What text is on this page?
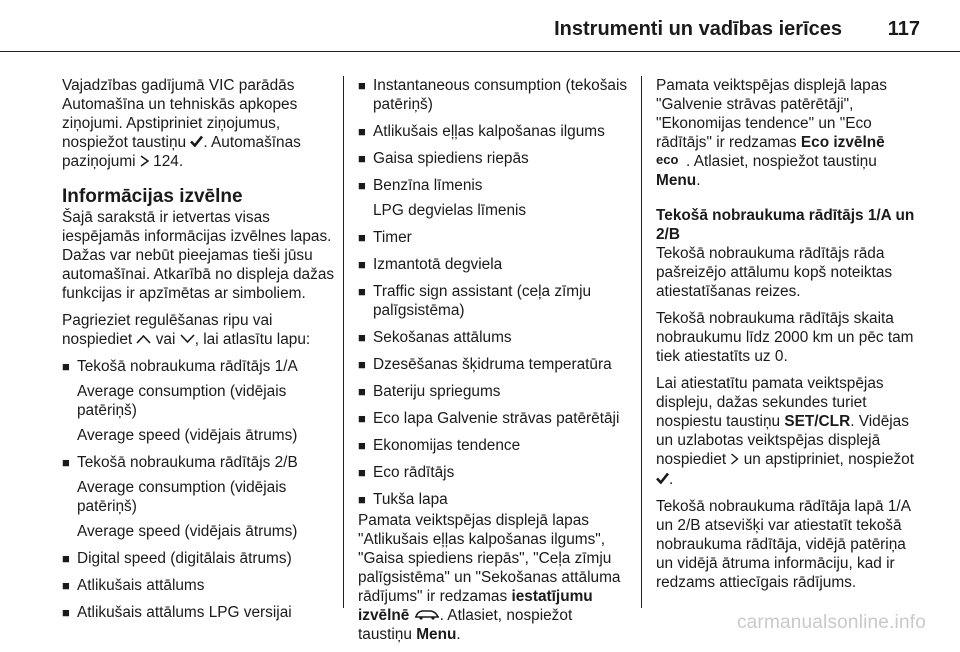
Instrumenti un vadības ierīces 117

Vajadzības gadījumā VIC parādās Automašīna un tehniskās apkopes ziņojumi. Apstipriniet ziņojumus, nospiežot taustiņu . Automašīnas paziņojumi  124.

Informācijas izvēlne

Šajā sarakstā ir ietvertas visas iespējamās informācijas izvēlnes lapas. Dažas var nebūt pieejamas tieši jūsu automašīnai. Atkarībā no displeja dažas funkcijas ir apzīmētas ar simboliem.

Pagrieziet regulēšanas ripu vai nospiediet  vai , lai atlasītu lapu:

■ Tekošā nobraukuma rādītājs 1/A
Average consumption (vidējais patēriņš)
Average speed (vidējais ātrums)
■ Tekošā nobraukuma rādītājs 2/B
Average consumption (vidējais patēriņš)
Average speed (vidējais ātrums)
■ Digital speed (digitālais ātrums)
■ Atlikušais attālums
■ Atlikušais attālums LPG versijai
■ Instantaneous consumption (tekošais patēriņš)
■ Atlikušais eļļas kalpošanas ilgums
■ Gaisa spiediens riepās
■ Benzīna līmenis
LPG degvielas līmenis
■ Timer
■ Izmantotā degviela
■ Traffic sign assistant (ceļa zīmju palīgsistēma)
■ Sekošanas attālums
■ Dzesēšanas šķidruma temperatūra
■ Bateriju spriegums
■ Eco lapa Galvenie strāvas patērētāji
■ Ekonomijas tendence
■ Eco rādītājs
■ Tukša lapa

Pamata veiktspējas displejā lapas "Atlikušais eļļas kalpošanas ilgums", "Gaisa spiediens riepās", "Ceļa zīmju palīgsistēma" un "Sekošanas attāluma rādījums" ir redzamas iestatījumu izvēlnē . Atlasiet, nospiežot taustiņu Menu.

Pamata veiktspējas displejā lapas "Galvenie strāvas patērētāji", "Ekonomijas tendence" un "Eco rādītājs" ir redzamas Eco izvēlnē

eco . Atlasiet, nospiežot taustiņu Menu.

Tekošā nobraukuma rādītājs 1/A un 2/B

Tekošā nobraukuma rādītājs rāda pašreizējo attālumu kopš noteiktas atiestatīšanas reizes.

Tekošā nobraukuma rādītājs skaita nobraukumu līdz 2000 km un pēc tam tiek atiestatīts uz 0.

Lai atiestatītu pamata veiktspējas displeju, dažas sekundes turiet nospiestu taustiņu SET/CLR. Vidējas un uzlabotas veiktspējas displejā nospiediet  un apstipriniet, nospiežot .

Tekošā nobraukuma rādītāja lapā 1/A un 2/B atsevišķi var atiestatīt tekošā nobraukuma rādītāja, vidējā patēriņa un vidējā ātruma informāciju, kad ir redzams attiecīgais rādījums.

carmanualsonline.info
